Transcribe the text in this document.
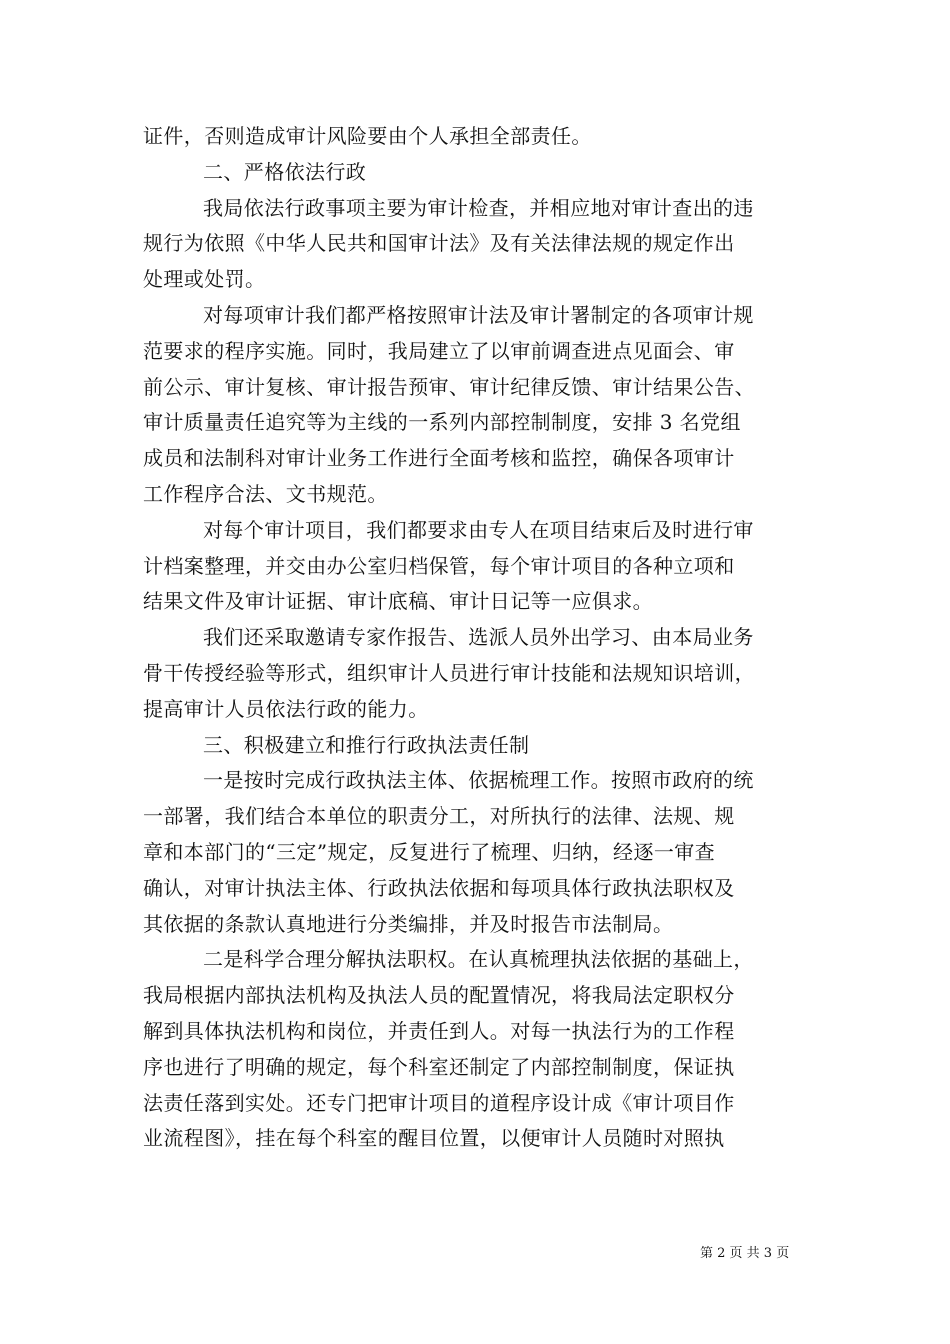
证件，否则造成审计风险要由个人承担全部责任。
二、严格依法行政
我局依法行政事项主要为审计检查，并相应地对审计查出的违
规行为依照《中华人民共和国审计法》及有关法律法规的规定作出
处理或处罚。
对每项审计我们都严格按照审计法及审计署制定的各项审计规
范要求的程序实施。同时，我局建立了以审前调查进点见面会、审
前公示、审计复核、审计报告预审、审计纪律反馈、审计结果公告、
审计质量责任追究等为主线的一系列内部控制制度，安排 3 名党组
成员和法制科对审计业务工作进行全面考核和监控，确保各项审计
工作程序合法、文书规范。
对每个审计项目，我们都要求由专人在项目结束后及时进行审
计档案整理，并交由办公室归档保管，每个审计项目的各种立项和
结果文件及审计证据、审计底稿、审计日记等一应俱求。
我们还采取邀请专家作报告、选派人员外出学习、由本局业务
骨干传授经验等形式，组织审计人员进行审计技能和法规知识培训，
提高审计人员依法行政的能力。
三、积极建立和推行行政执法责任制
一是按时完成行政执法主体、依据梳理工作。按照市政府的统
一部署，我们结合本单位的职责分工，对所执行的法律、法规、规
章和本部门的“三定”规定，反复进行了梳理、归纳，经逐一审查
确认，对审计执法主体、行政执法依据和每项具体行政执法职权及
其依据的条款认真地进行分类编排，并及时报告市法制局。
二是科学合理分解执法职权。在认真梳理执法依据的基础上，
我局根据内部执法机构及执法人员的配置情况，将我局法定职权分
解到具体执法机构和岗位，并责任到人。对每一执法行为的工作程
序也进行了明确的规定，每个科室还制定了内部控制制度，保证执
法责任落到实处。还专门把审计项目的道程序设计成《审计项目作
业流程图》，挂在每个科室的醒目位置，以便审计人员随时对照执
第 2 页 共 3 页
